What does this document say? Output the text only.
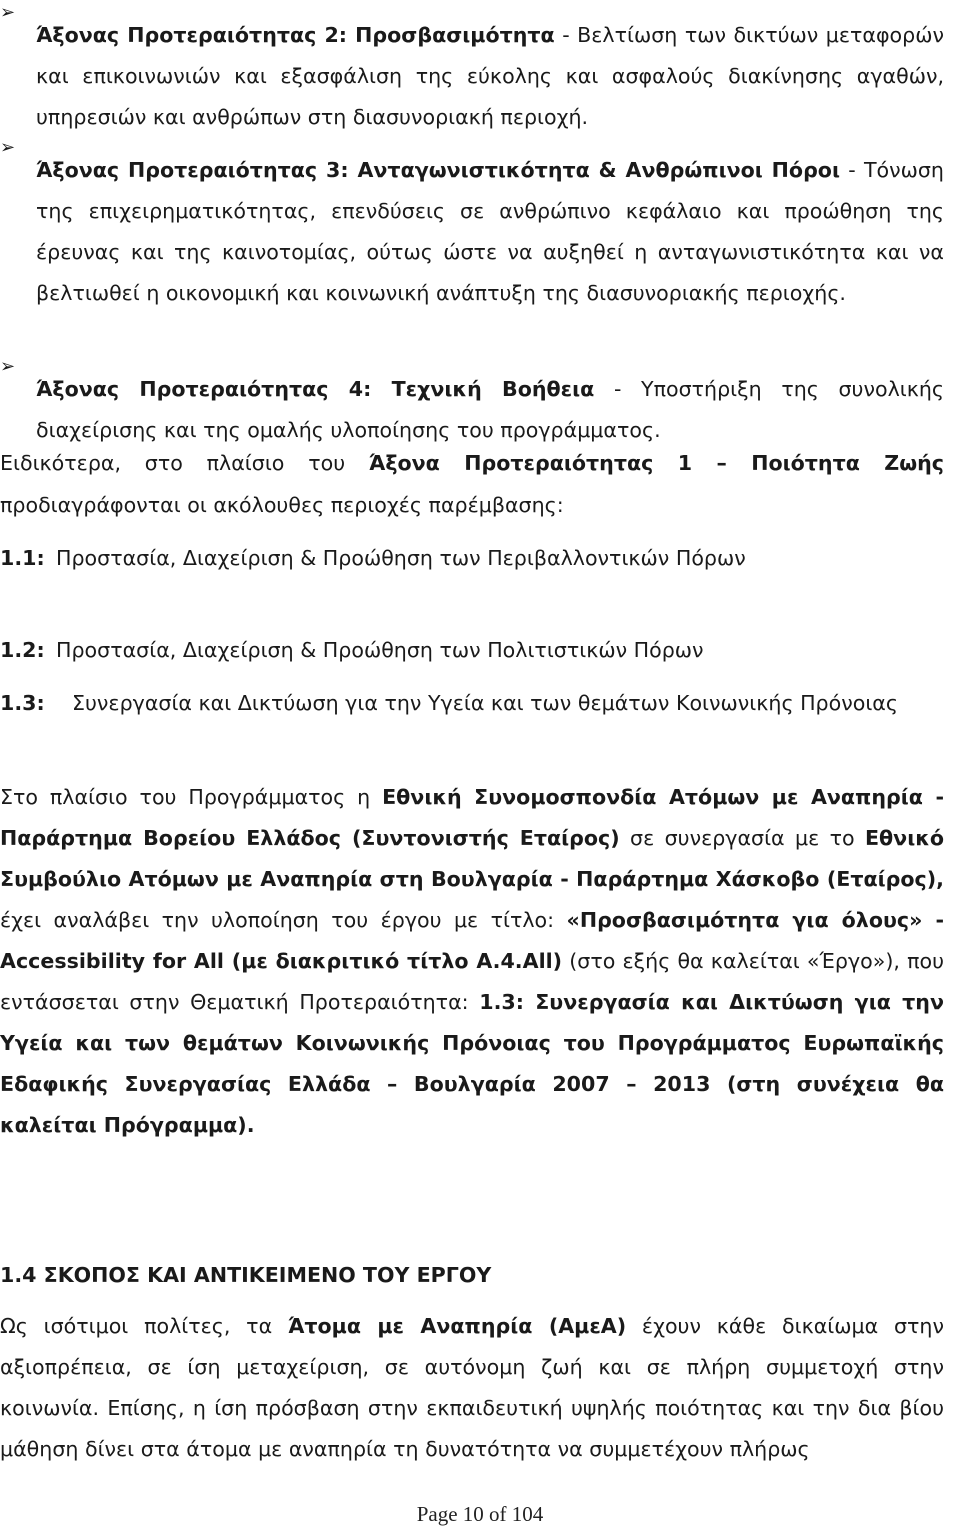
➢

Άξονας Προτεραιότητας 2: Προσβασιμότητα - Βελτίωση των δικτύων μεταφορών και επικοινωνιών και εξασφάλιση της εύκολης και ασφαλούς διακίνησης αγαθών, υπηρεσιών και ανθρώπων στη διασυνοριακή περιοχή.

➢

Άξονας Προτεραιότητας 3: Ανταγωνιστικότητα & Ανθρώπινοι Πόροι - Τόνωση της επιχειρηματικότητας, επενδύσεις σε ανθρώπινο κεφάλαιο και προώθηση της έρευνας και της καινοτομίας, ούτως ώστε να αυξηθεί η ανταγωνιστικότητα και να βελτιωθεί η οικονομική και κοινωνική ανάπτυξη της διασυνοριακής περιοχής.

➢

Άξονας Προτεραιότητας 4: Τεχνική Βοήθεια - Υποστήριξη της συνολικής διαχείρισης και της ομαλής υλοποίησης του προγράμματος.

Ειδικότερα, στο πλαίσιο του Άξονα Προτεραιότητας 1 – Ποιότητα Ζωής προδιαγράφονται οι ακόλουθες περιοχές παρέμβασης:

1.1: Προστασία, Διαχείριση & Προώθηση των Περιβαλλοντικών Πόρων

1.2: Προστασία, Διαχείριση & Προώθηση των Πολιτιστικών Πόρων

1.3: Συνεργασία και Δικτύωση για την Υγεία και των θεμάτων Κοινωνικής Πρόνοιας

Στο πλαίσιο του Προγράμματος η Εθνική Συνομοσπονδία Ατόμων με Αναπηρία - Παράρτημα Βορείου Ελλάδος (Συντονιστής Εταίρος) σε συνεργασία με το Εθνικό Συμβούλιο Ατόμων με Αναπηρία στη Βουλγαρία - Παράρτημα Χάσκοβο (Εταίρος), έχει αναλάβει την υλοποίηση του έργου με τίτλο: «Προσβασιμότητα για όλους» - Accessibility for All (με διακριτικό τίτλο A.4.All) (στο εξής θα καλείται «Έργο»), που εντάσσεται στην Θεματική Προτεραιότητα: 1.3: Συνεργασία και Δικτύωση για την Υγεία και των θεμάτων Κοινωνικής Πρόνοιας του Προγράμματος Ευρωπαϊκής Εδαφικής Συνεργασίας Ελλάδα – Βουλγαρία 2007 – 2013 (στη συνέχεια θα καλείται Πρόγραμμα).

1.4 ΣΚΟΠΟΣ ΚΑΙ ΑΝΤΙΚΕΙΜΕΝΟ ΤΟΥ ΕΡΓΟΥ

Ως ισότιμοι πολίτες, τα Άτομα με Αναπηρία (ΑμεΑ) έχουν κάθε δικαίωμα στην αξιοπρέπεια, σε ίση μεταχείριση, σε αυτόνομη ζωή και σε πλήρη συμμετοχή στην κοινωνία. Επίσης, η ίση πρόσβαση στην εκπαιδευτική υψηλής ποιότητας και την δια βίου μάθηση δίνει στα άτομα με αναπηρία τη δυνατότητα να συμμετέχουν πλήρως

Page 10 of 104
